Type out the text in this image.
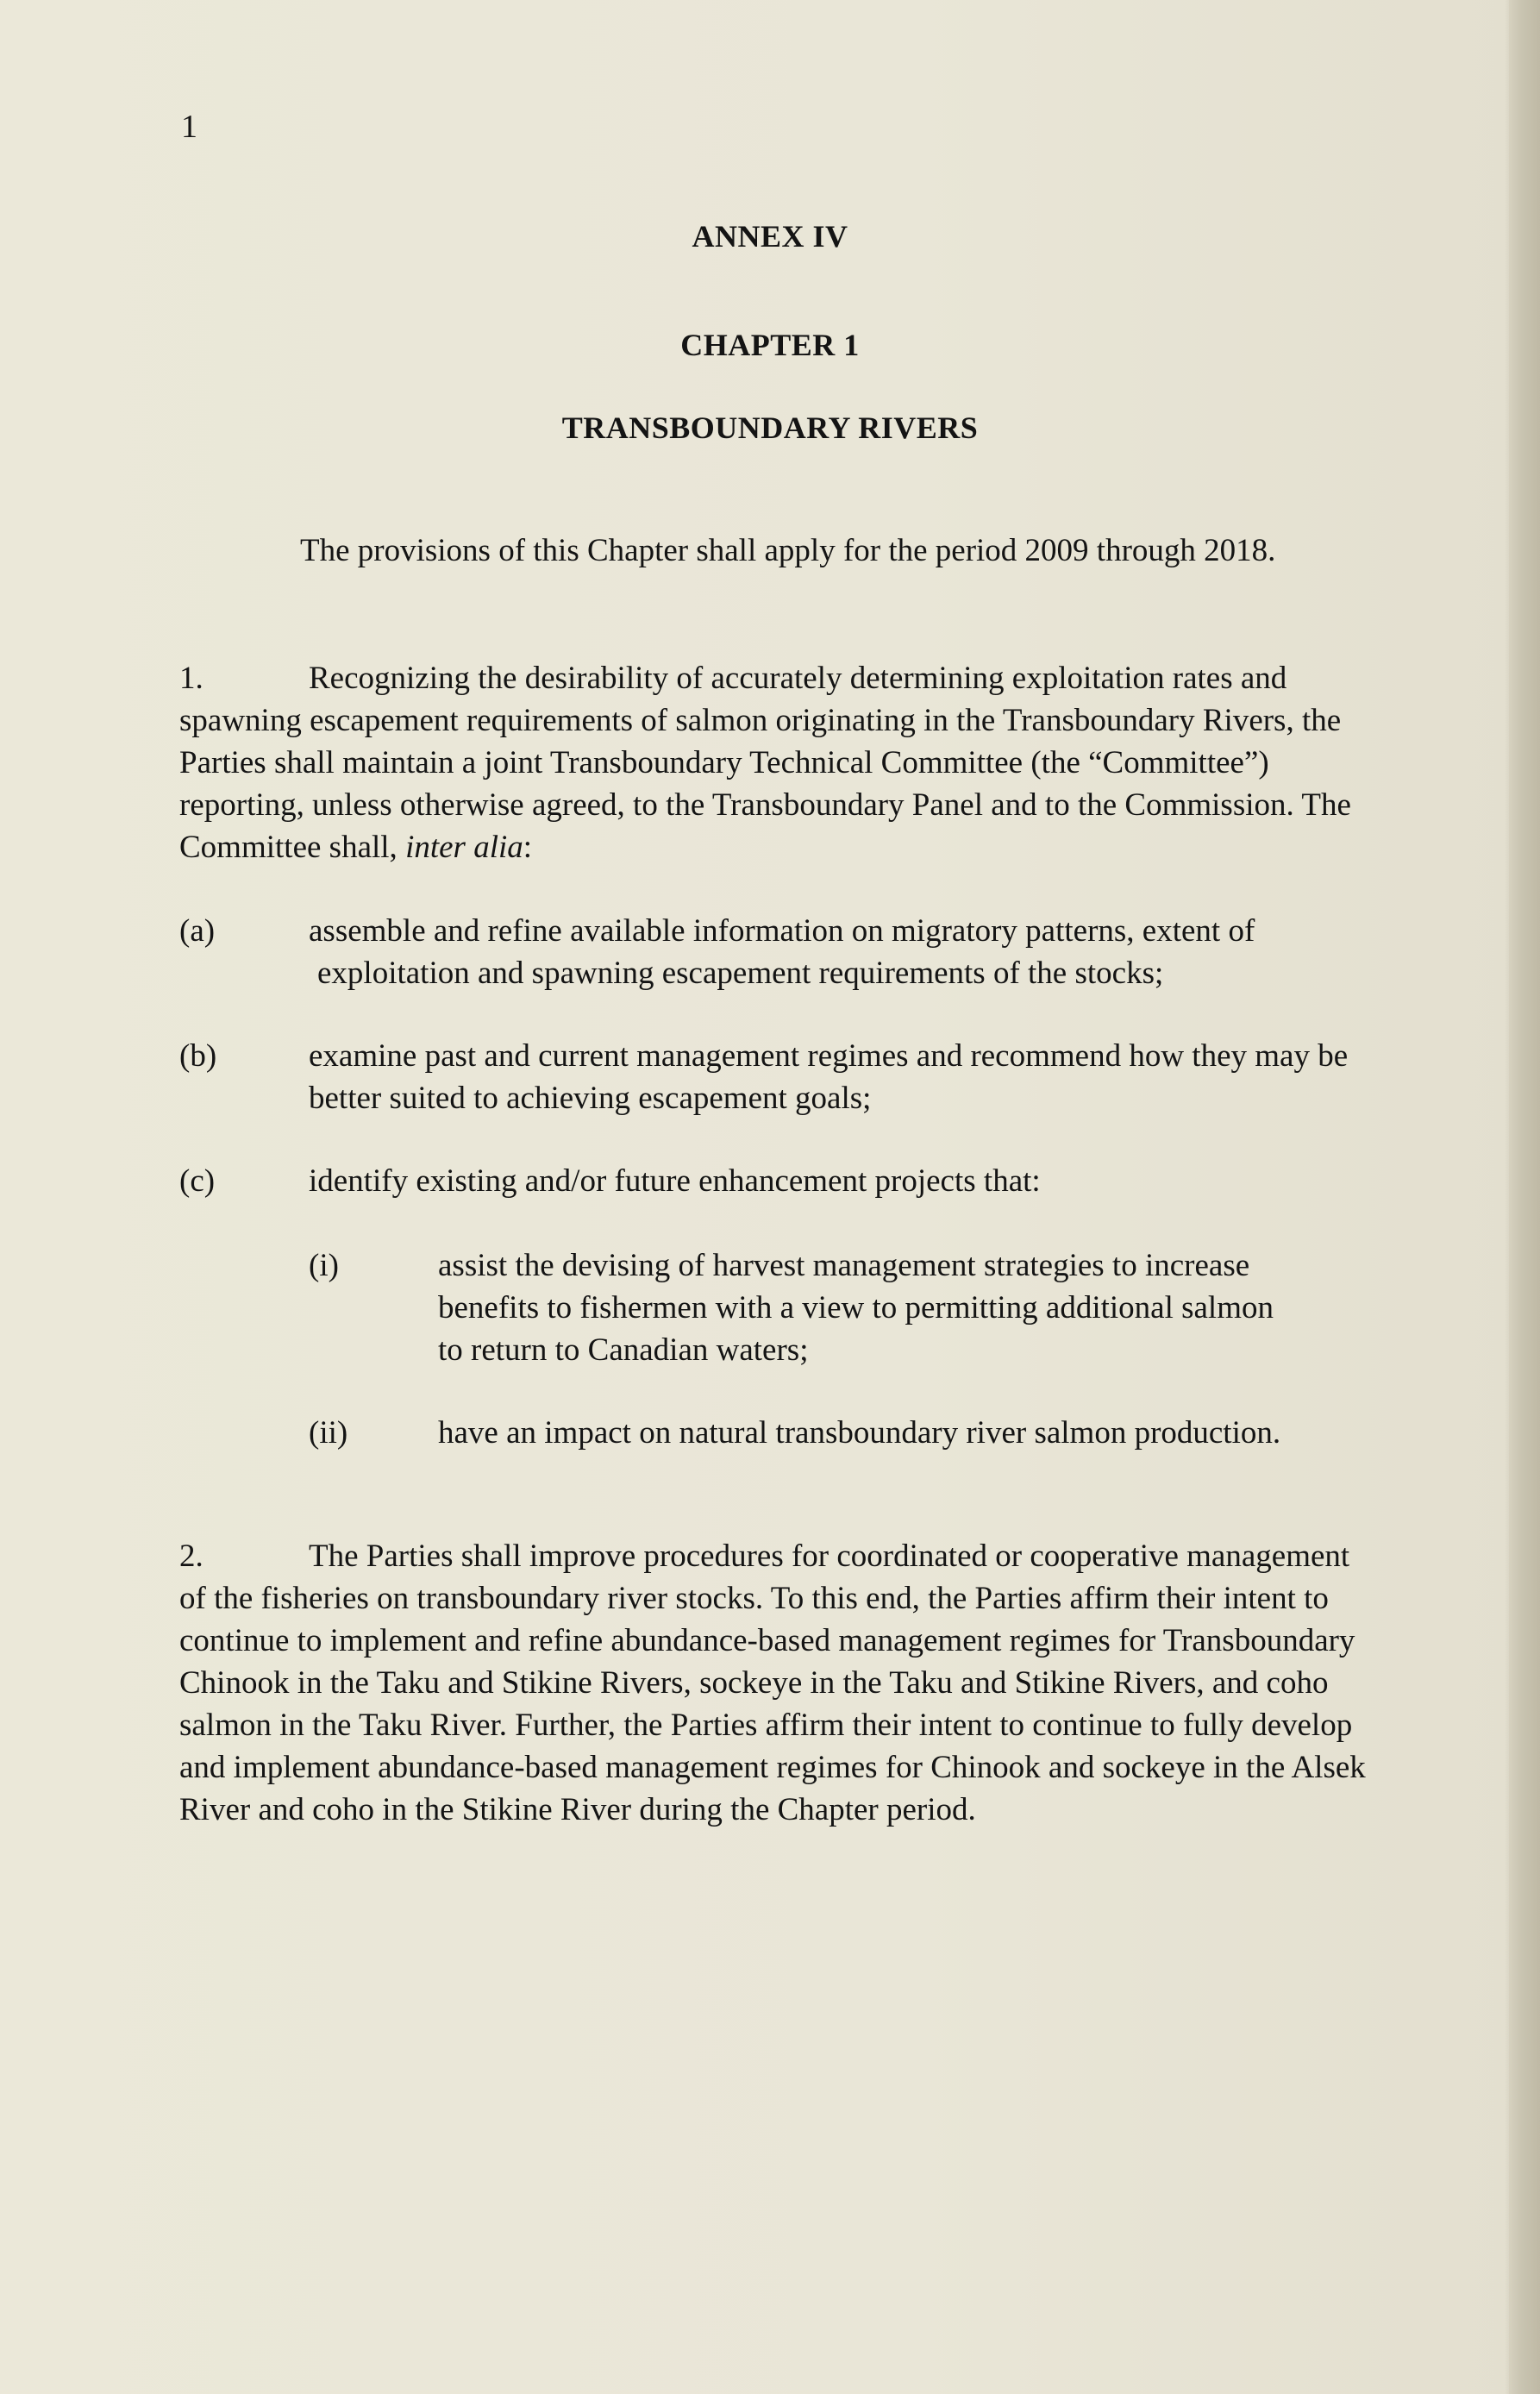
1
ANNEX IV
CHAPTER 1
TRANSBOUNDARY RIVERS
The provisions of this Chapter shall apply for the period 2009 through 2018.
1.	Recognizing the desirability of accurately determining exploitation rates and spawning escapement requirements of salmon originating in the Transboundary Rivers, the Parties shall maintain a joint Transboundary Technical Committee (the “Committee”) reporting, unless otherwise agreed, to the Transboundary Panel and to the Commission. The Committee shall, inter alia:
(a)	assemble and refine available information on migratory patterns, extent of
exploitation and spawning escapement requirements of the stocks;
(b)	examine past and current management regimes and recommend how they may be better suited to achieving escapement goals;
(c)	identify existing and/or future enhancement projects that:
(i)	assist the devising of harvest management strategies to increase benefits to fishermen with a view to permitting additional salmon to return to Canadian waters;
(ii)	have an impact on natural transboundary river salmon production.
2.	The Parties shall improve procedures for coordinated or cooperative management of the fisheries on transboundary river stocks. To this end, the Parties affirm their intent to continue to implement and refine abundance-based management regimes for Transboundary Chinook in the Taku and Stikine Rivers, sockeye in the Taku and Stikine Rivers, and coho salmon in the Taku River. Further, the Parties affirm their intent to continue to fully develop and implement abundance-based management regimes for Chinook and sockeye in the Alsek River and coho in the Stikine River during the Chapter period.
